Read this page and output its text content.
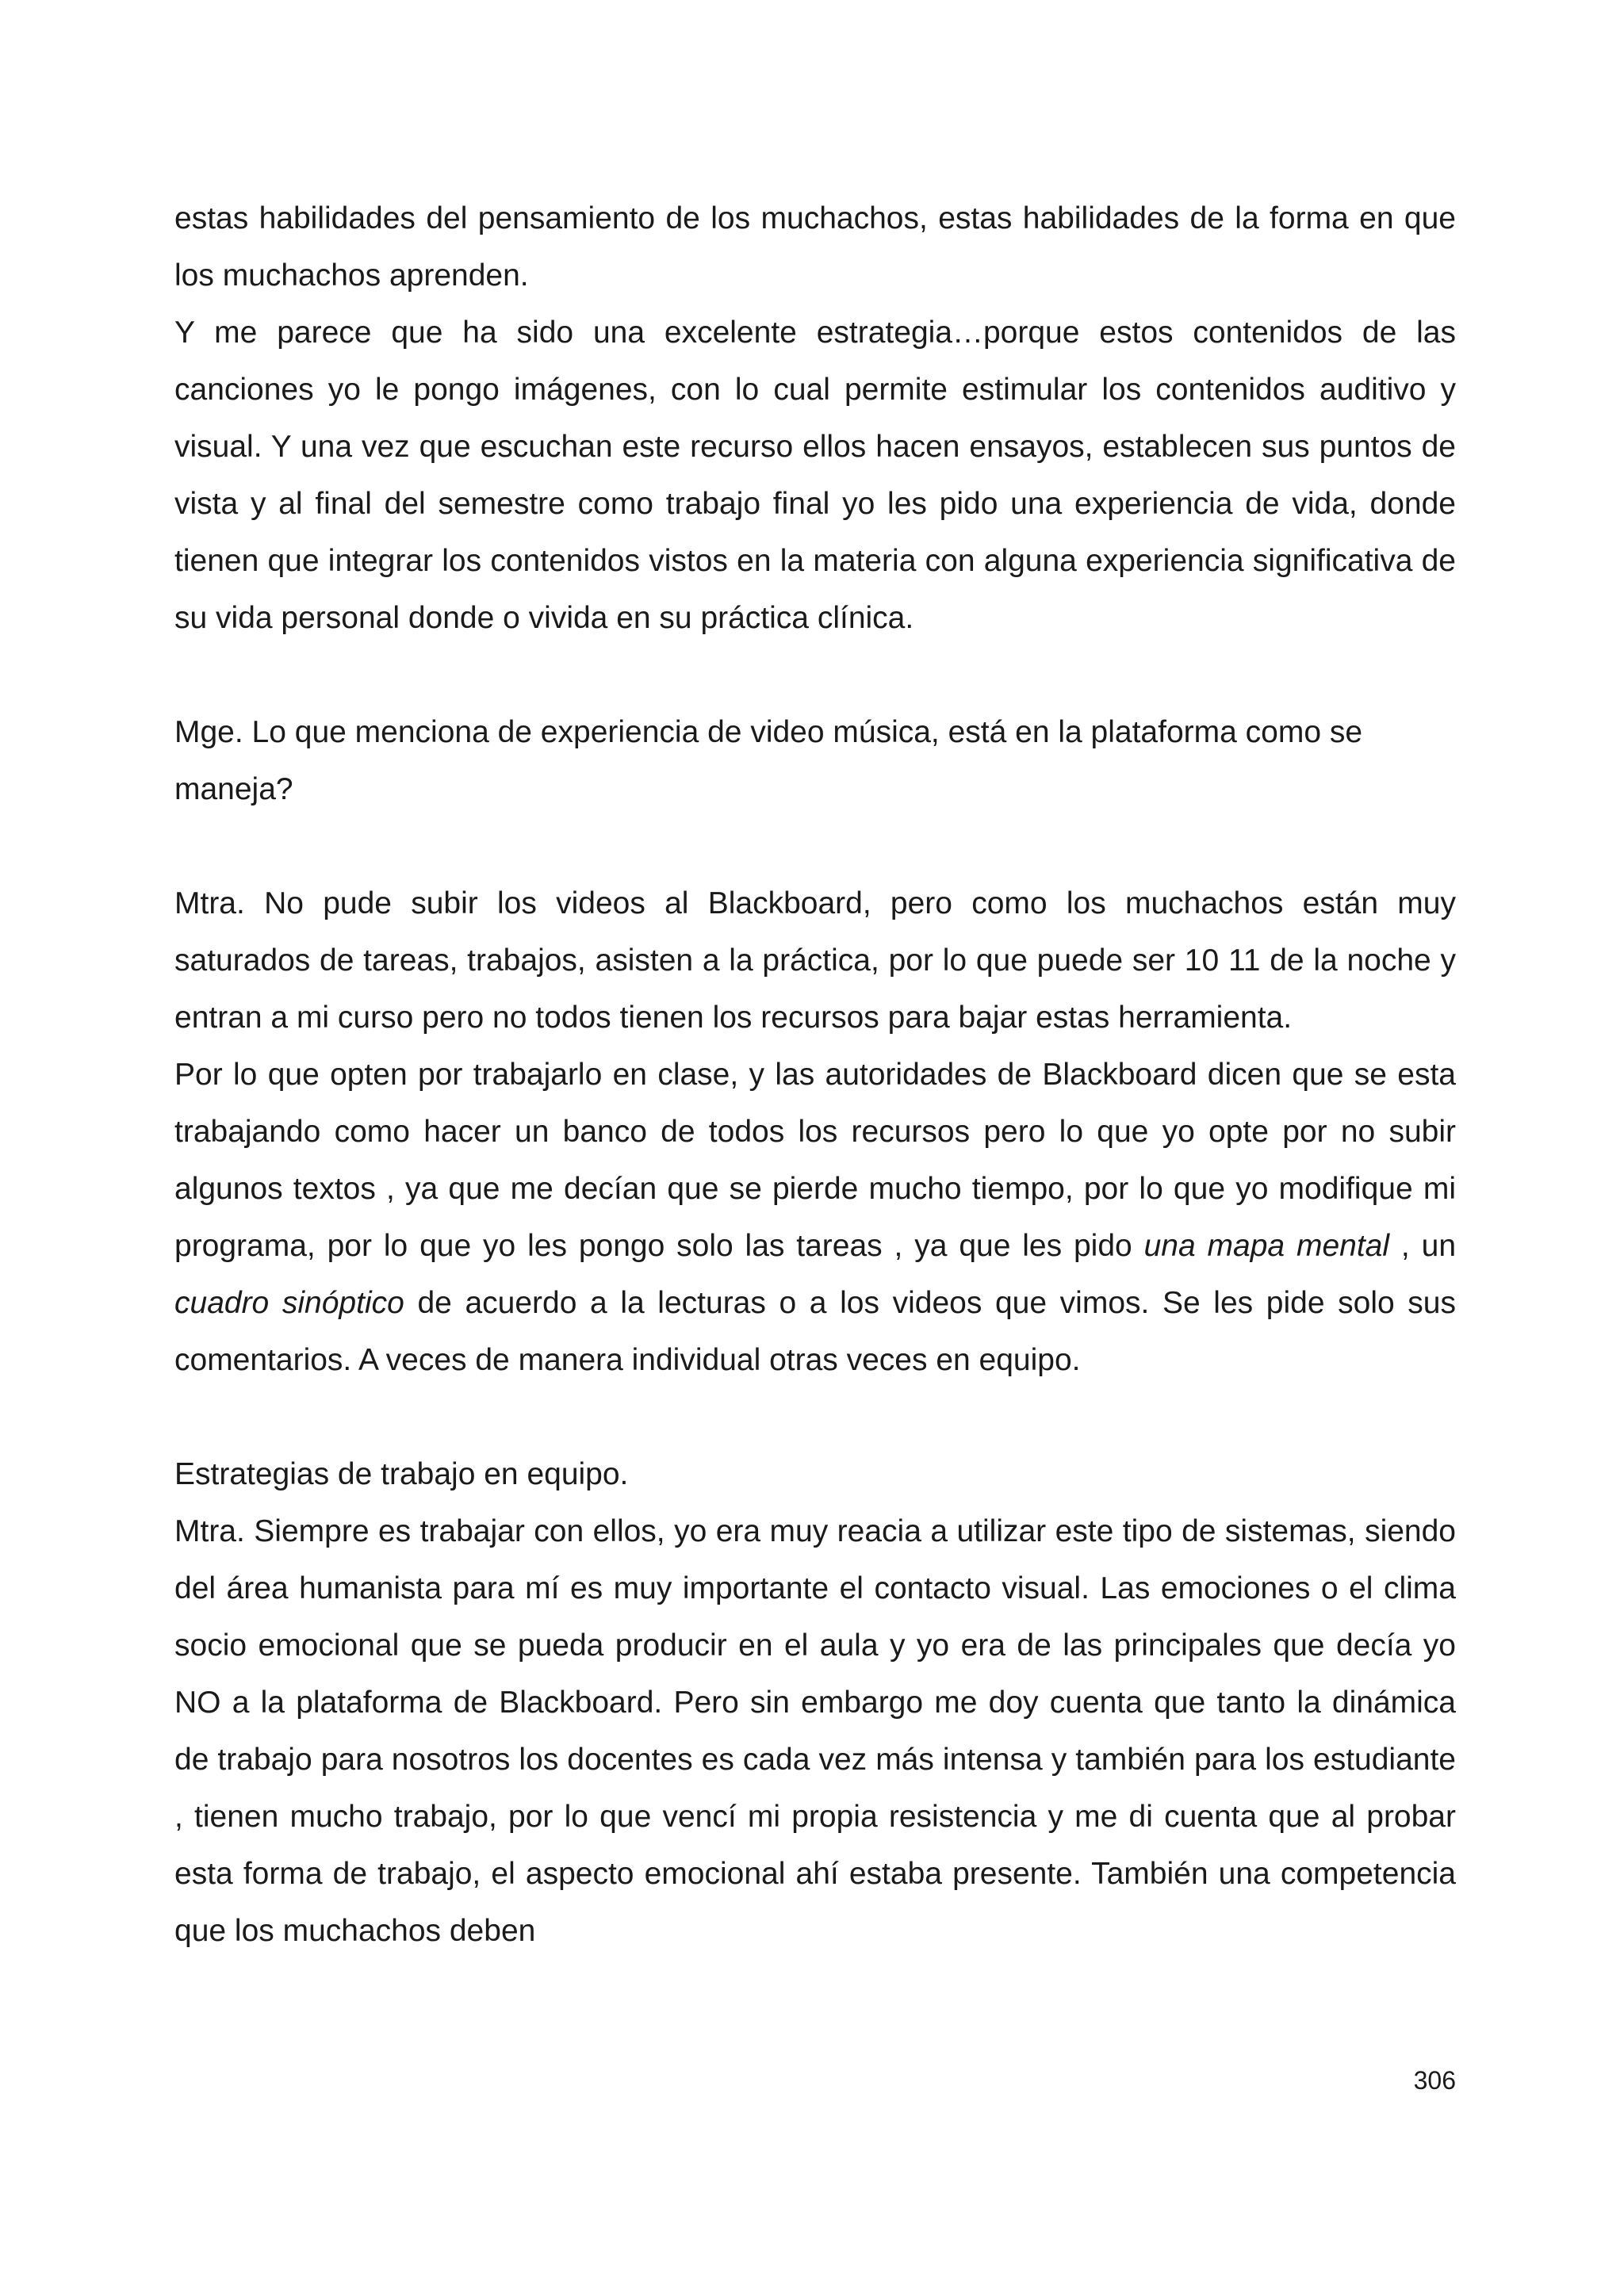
estas habilidades del pensamiento de los muchachos, estas habilidades de la forma en que los muchachos aprenden.

Y me parece que ha sido una excelente estrategia…porque estos contenidos de las canciones yo le pongo imágenes, con lo cual permite estimular los contenidos auditivo y visual. Y una vez que escuchan este recurso ellos hacen ensayos, establecen sus puntos de vista y al final del semestre como trabajo final yo les pido una experiencia de vida, donde tienen que integrar los contenidos vistos en la materia con alguna experiencia significativa de su vida personal donde o vivida en su práctica clínica.

Mge. Lo que menciona de experiencia de video música, está en la plataforma como se maneja?

Mtra. No pude subir los videos al Blackboard, pero como los muchachos están muy saturados de tareas, trabajos, asisten a la práctica, por lo que puede ser 10 11 de la noche y entran a mi curso pero no todos tienen los recursos para bajar estas herramienta.

Por lo que opten por trabajarlo en clase, y las autoridades de Blackboard dicen que se esta trabajando como hacer un banco de todos los recursos pero lo que yo opte por no subir algunos textos , ya que me decían que se pierde mucho tiempo, por lo que yo modifique mi programa, por lo que yo les pongo solo las tareas , ya que les pido una mapa mental , un cuadro sinóptico de acuerdo a la lecturas o a los videos que vimos. Se les pide solo sus comentarios. A veces de manera individual otras veces en equipo.

Estrategias de trabajo en equipo.

Mtra. Siempre es trabajar con ellos, yo era muy reacia a utilizar este tipo de sistemas, siendo del área humanista para mí es muy importante el contacto visual. Las emociones o el clima socio emocional que se pueda producir en el aula y yo era de las principales que decía yo NO a la plataforma de Blackboard. Pero sin embargo me doy cuenta que tanto la dinámica de trabajo para nosotros los docentes es cada vez más intensa y también para los estudiante , tienen mucho trabajo, por lo que vencí mi propia resistencia y me di cuenta que al probar esta forma de trabajo, el aspecto emocional ahí estaba presente. También una competencia que los muchachos deben

306
